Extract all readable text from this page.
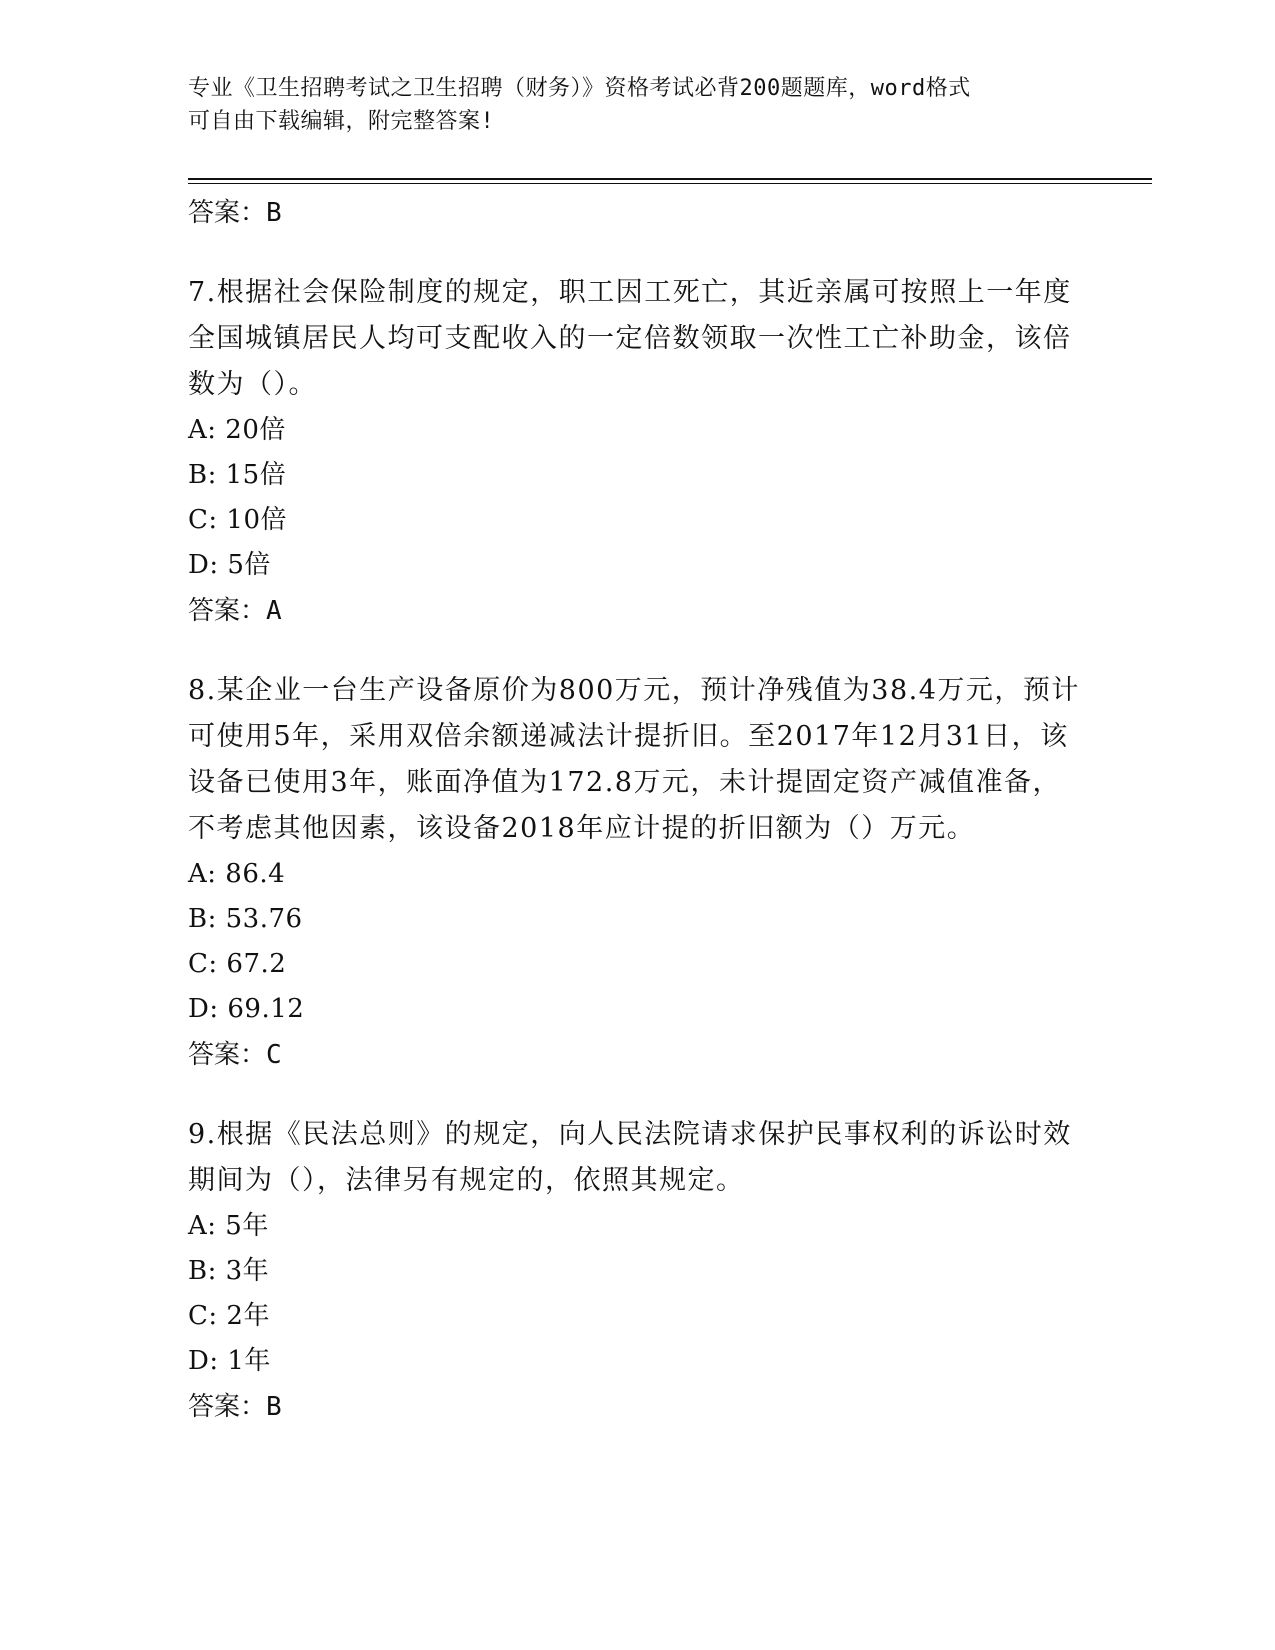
专业《卫生招聘考试之卫生招聘（财务）》资格考试必背200题题库，word格式
可自由下载编辑，附完整答案!

答案：B

7.根据社会保险制度的规定，职工因工死亡，其近亲属可按照上一年度全国城镇居民人均可支配收入的一定倍数领取一次性工亡补助金，该倍数为（）。

A: 20倍

B: 15倍

C: 10倍

D: 5倍

答案：A

8.某企业一台生产设备原价为800万元，预计净残值为38.4万元，预计可使用5年，采用双倍余额递减法计提折旧。至2017年12月31日，该设备已使用3年，账面净值为172.8万元，未计提固定资产减值准备，不考虑其他因素，该设备2018年应计提的折旧额为（）万元。

A: 86.4

B: 53.76

C: 67.2

D: 69.12

答案：C

9.根据《民法总则》的规定，向人民法院请求保护民事权利的诉讼时效期间为（），法律另有规定的，依照其规定。

A: 5年

B: 3年

C: 2年

D: 1年

答案：B
